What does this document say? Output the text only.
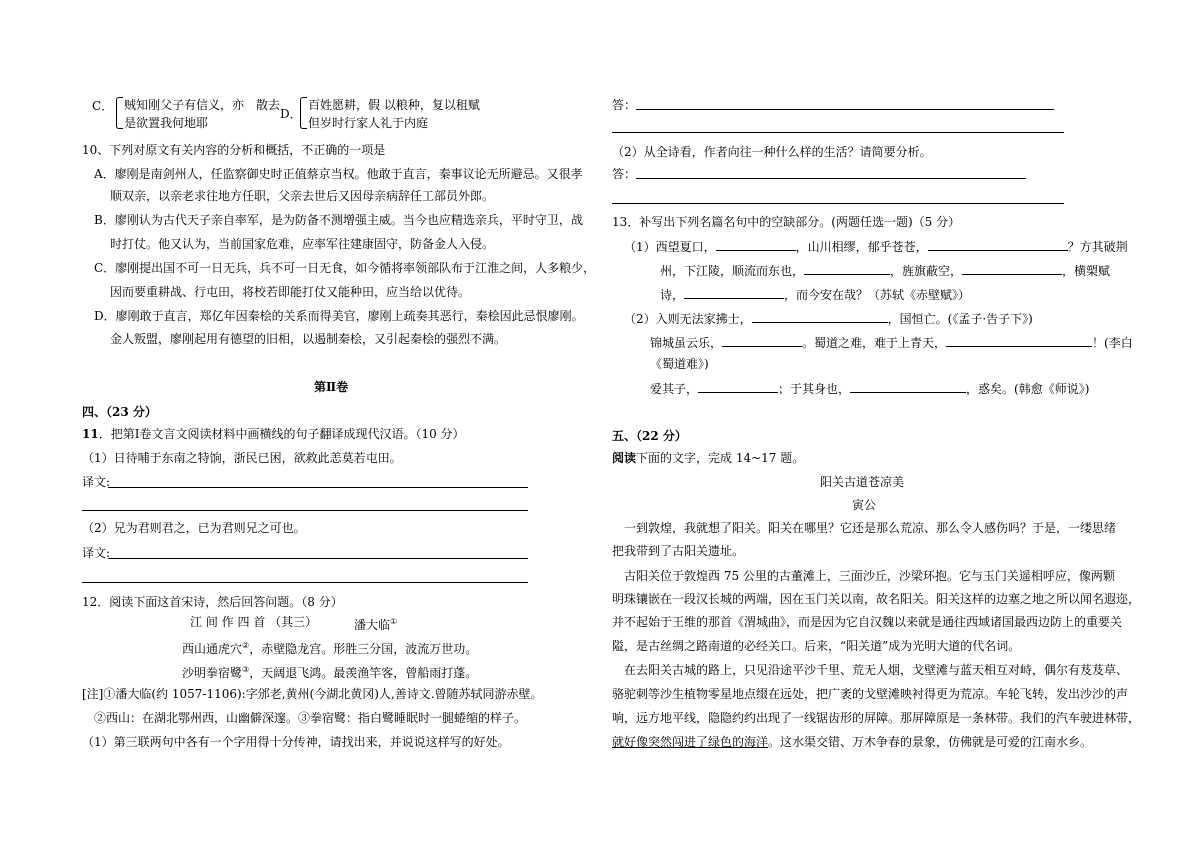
C． 贼知刚父子有信义，亦　散去
是欲置我何地耶
D．
百姓愿耕，假 以粮种，复以租赋
但岁时行家人礼于内庭
10、下列对原文有关内容的分析和概括，不正确的一项是
A．廖刚是南剑州人，任监察御史时正值蔡京当权。他敢于直言，秦事议论无所避忌。又很孝
顺双亲，以亲老求往地方任职，父亲去世后又因母亲病辞任工部员外郎。
B．廖刚认为古代天子亲自率军，是为防备不测增强主威。当今也应精选亲兵，平时守卫，战
时打仗。他又认为，当前国家危难，应率军往建康固守，防备金人入侵。
C．廖刚提出国不可一日无兵，兵不可一日无食，如今循将率领部队布于江淮之间，人多粮少，
因而要重耕战、行屯田，将校若即能打仗又能种田，应当给以优待。
D．廖刚敢于直言，郑亿年因秦桧的关系而得美官，廖刚上疏奏其恶行，秦桧因此忌恨廖刚。
金人叛盟，廖刚起用有德望的旧相，以遏制秦桧，又引起秦桧的强烈不满。
第Ⅱ卷
四、（23 分）
11．把第Ⅰ卷文言文阅读材料中画横线的句子翻译成现代汉语。（10 分）
（1）日待哺于东南之特饷，浙民已困，欲救此恙莫若屯田。
译文:
（2）兄为君则君之，已为君则兄之可也。
译文:
12．阅读下面这首宋诗，然后回答问题。（8 分）
江 间 作 四 首 （其三）	潘大临①
西山通虎穴②，赤壁隐龙宫。形胜三分国，波流万世功。
沙明拳宿鹭③，天阔退飞鸿。最羡渔竿客，曾船雨打蓬。
[注]①潘大临(约 1057-1106):字邠老,黄州(今湖北黄冈)人,善诗文.曾随苏轼同游赤壁。
②西山：在湖北鄂州西，山幽僻深邃。③拳宿鹭：指白鹭睡眠时一腿蜷缩的样子。
（1）第三联两句中各有一个字用得十分传神，请找出来，并说说这样写的好处。
答：
（2）从全诗看，作者向往一种什么样的生活？请简要分析。
答：
13．补写出下列名篇名句中的空缺部分。(两题任选一题)（5 分）
（1）西望夏口，	，山川相缪，郁乎苍苍，	？方其破荆
州，下江陵，顺流而东也，	，旌旗蔽空，	，横槊赋
诗，	，而今安在哉？（苏轼《赤壁赋》）
（2）入则无法家拂士，	，国恒亡。(《孟子·告子下》)
锦城虽云乐，	。蜀道之难，难于上青天，	！(李白
《蜀道难》)
爱其子，	；于其身也，	，惑矣。(韩愈《师说》)
五、（22 分）
阅读下面的文字，完成 14~17 题。
阳关古道苍凉美
寅公
一到敦煌，我就想了阳关。阳关在哪里？它还是那么荒凉、那么令人感伤吗？于是，一缕思绪
把我带到了古阳关遗址。
古阳关位于敦煌西 75 公里的古董滩上，三面沙丘，沙梁环抱。它与玉门关遥相呼应，像两颗
明珠镶嵌在一段汉长城的两端，因在玉门关以南，故名阳关。阳关这样的边塞之地之所以闻名遐迩，
并不起始于王维的那首《渭城曲》，而是因为它自汉魏以来就是通往西域诸国最西边防上的重要关
隘，是古丝绸之路南道的必经关口。后来，“阳关道”成为光明大道的代名词。
在去阳关古城的路上，只见沿途平沙千里、荒无人烟，戈壁滩与蓝天相互对峙，偶尔有芨芨草、
骆驼刺等沙生植物零星地点缀在远处，把广袤的戈壁滩映衬得更为荒凉。车轮飞转，发出沙沙的声
响，远方地平线，隐隐约约出现了一线锯齿形的屏障。那屏障原是一条林带。我们的汽车驶进林带，
就好像突然闯进了绿色的海洋。这水渠交错、万木争春的景象，仿佛就是可爱的江南水乡。
